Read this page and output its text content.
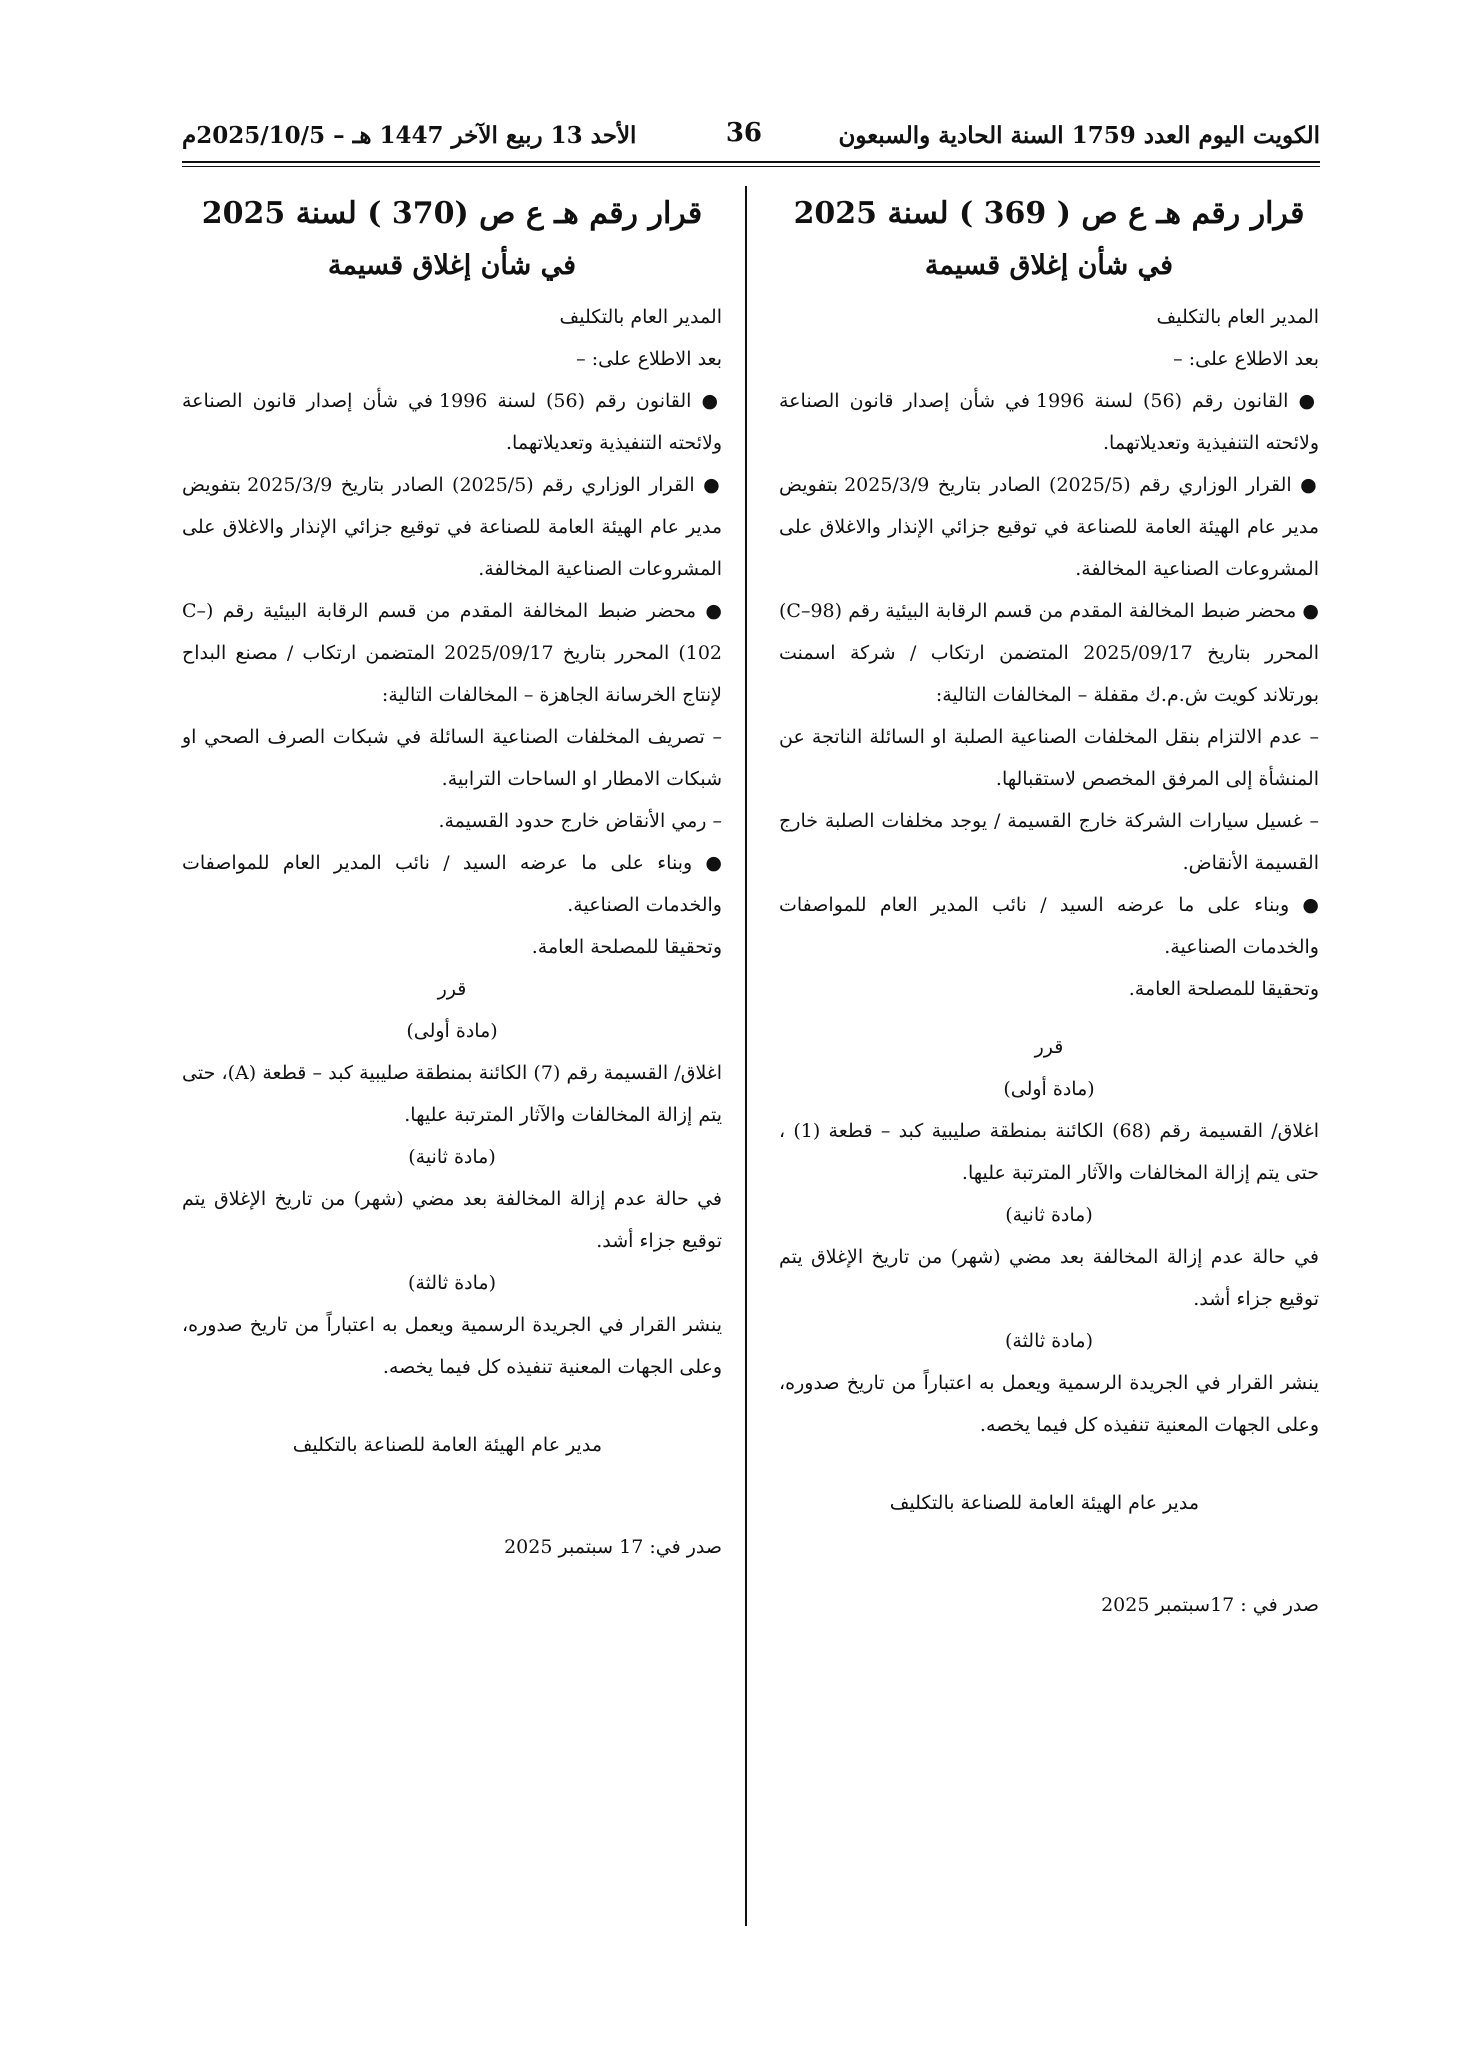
الكويت اليوم العدد 1759 السنة الحادية والسبعون
36
الأحد 13 ربيع الآخر 1447 هـ – 2025/10/5م
قرار رقم هـ ع ص ( 369 ) لسنة 2025
في شأن إغلاق قسيمة

المدير العام بالتكليف

بعد الاطلاع على: –

● القانون رقم (56) لسنة 1996 في شأن إصدار قانون الصناعة ولائحته التنفيذية وتعديلاتهما.

● القرار الوزاري رقم (2025/5) الصادر بتاريخ 2025/3/9 بتفويض مدير عام الهيئة العامة للصناعة في توقيع جزائي الإنذار والاغلاق على المشروعات الصناعية المخالفة.

● محضر ضبط المخالفة المقدم من قسم الرقابة البيئية رقم (C–98) المحرر بتاريخ 2025/09/17 المتضمن ارتكاب / شركة اسمنت بورتلاند كويت ش.م.ك مقفلة – المخالفات التالية:

– عدم الالتزام بنقل المخلفات الصناعية الصلبة او السائلة الناتجة عن المنشأة إلى المرفق المخصص لاستقبالها.

– غسيل سيارات الشركة خارج القسيمة / يوجد مخلفات الصلبة خارج القسيمة الأنقاض.

● وبناء على ما عرضه السيد / نائب المدير العام للمواصفات والخدمات الصناعية.

وتحقيقا للمصلحة العامة.

قرر

(مادة أولى)

اغلاق/ القسيمة رقم (68) الكائنة بمنطقة صليبية كبد – قطعة (1) ، حتى يتم إزالة المخالفات والآثار المترتبة عليها.

(مادة ثانية)

في حالة عدم إزالة المخالفة بعد مضي (شهر) من تاريخ الإغلاق يتم توقيع جزاء أشد.

(مادة ثالثة)

ينشر القرار في الجريدة الرسمية ويعمل به اعتباراً من تاريخ صدوره، وعلى الجهات المعنية تنفيذه كل فيما يخصه.

مدير عام الهيئة العامة للصناعة بالتكليف

صدر في : 17سبتمبر 2025

قرار رقم هـ ع ص (370 ) لسنة 2025
في شأن إغلاق قسيمة

المدير العام بالتكليف

بعد الاطلاع على: –

● القانون رقم (56) لسنة 1996 في شأن إصدار قانون الصناعة ولائحته التنفيذية وتعديلاتهما.

● القرار الوزاري رقم (2025/5) الصادر بتاريخ 2025/3/9 بتفويض مدير عام الهيئة العامة للصناعة في توقيع جزائي الإنذار والاغلاق على المشروعات الصناعية المخالفة.

● محضر ضبط المخالفة المقدم من قسم الرقابة البيئية رقم (C–102) المحرر بتاريخ 2025/09/17 المتضمن ارتكاب / مصنع البداح لإنتاج الخرسانة الجاهزة – المخالفات التالية:

– تصريف المخلفات الصناعية السائلة في شبكات الصرف الصحي او شبكات الامطار او الساحات الترابية.

– رمي الأنقاض خارج حدود القسيمة.

● وبناء على ما عرضه السيد / نائب المدير العام للمواصفات والخدمات الصناعية.

وتحقيقا للمصلحة العامة.

قرر

(مادة أولى)

اغلاق/ القسيمة رقم (7) الكائنة بمنطقة صليبية كبد – قطعة (A)، حتى يتم إزالة المخالفات والآثار المترتبة عليها.

(مادة ثانية)

في حالة عدم إزالة المخالفة بعد مضي (شهر) من تاريخ الإغلاق يتم توقيع جزاء أشد.

(مادة ثالثة)

ينشر القرار في الجريدة الرسمية ويعمل به اعتباراً من تاريخ صدوره، وعلى الجهات المعنية تنفيذه كل فيما يخصه.

مدير عام الهيئة العامة للصناعة بالتكليف

صدر في: 17 سبتمبر 2025
